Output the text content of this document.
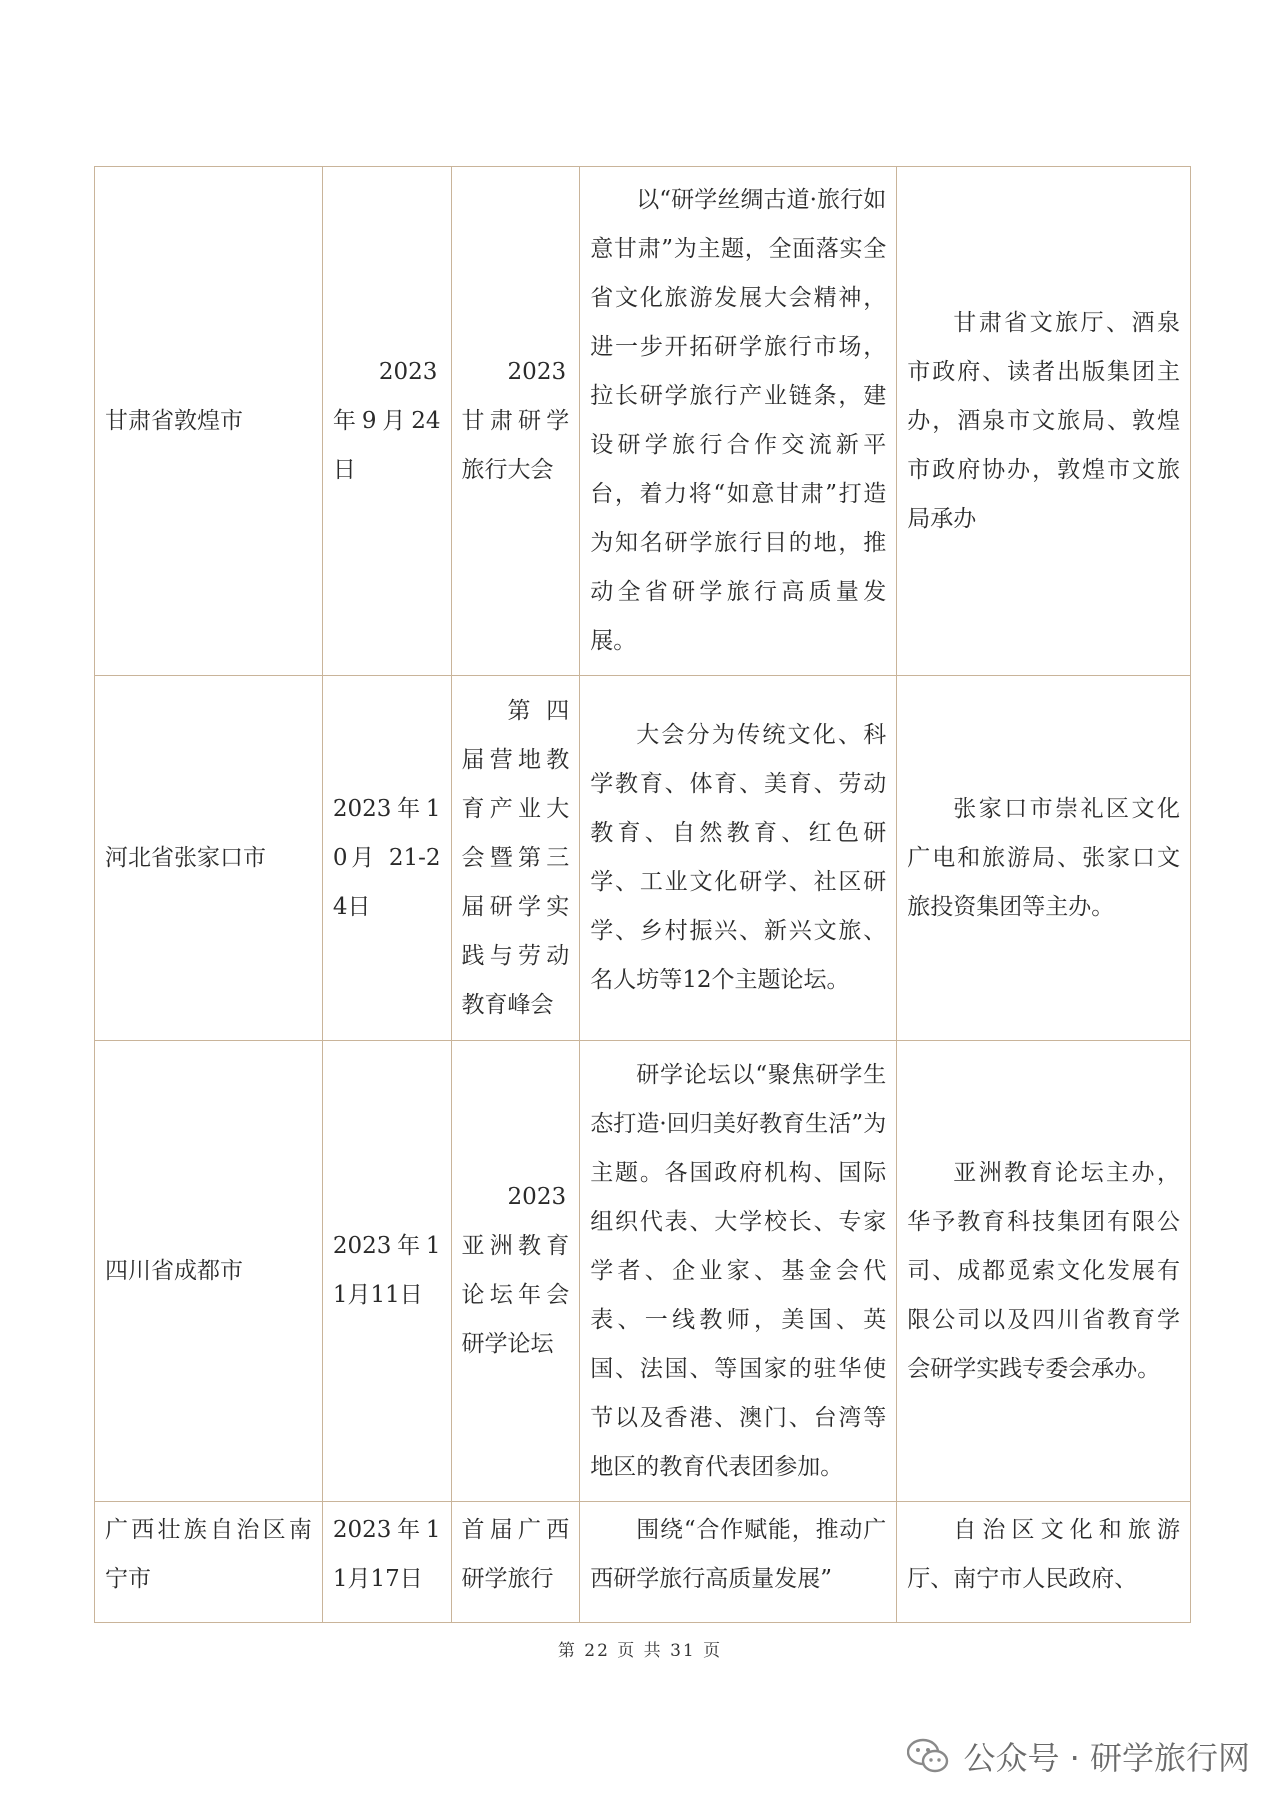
甘肃省敦煌市	2023年9月24日	2023甘肃研学旅行大会	以“研学丝绸古道·旅行如意甘肃”为主题，全面落实全省文化旅游发展大会精神，进一步开拓研学旅行市场，拉长研学旅行产业链条，建设研学旅行合作交流新平台，着力将“如意甘肃”打造为知名研学旅行目的地，推动全省研学旅行高质量发展。	甘肃省文旅厅、酒泉市政府、读者出版集团主办，酒泉市文旅局、敦煌市政府协办，敦煌市文旅局承办

河北省张家口市	2023年10月 21-24日	第四届营地教育产业大会暨第三届研学实践与劳动教育峰会	大会分为传统文化、科学教育、体育、美育、劳动教育、自然教育、红色研学、工业文化研学、社区研学、乡村振兴、新兴文旅、名人坊等12个主题论坛。	张家口市崇礼区文化广电和旅游局、张家口文旅投资集团等主办。

四川省成都市	2023年11月11日	2023亚洲教育论坛年会研学论坛	研学论坛以“聚焦研学生态打造·回归美好教育生活”为主题。各国政府机构、国际组织代表、大学校长、专家学者、企业家、基金会代表、一线教师，美国、英国、法国、等国家的驻华使节以及香港、澳门、台湾等地区的教育代表团参加。	亚洲教育论坛主办，华予教育科技集团有限公司、成都觅索文化发展有限公司以及四川省教育学会研学实践专委会承办。

广西壮族自治区南宁市	2023年11月17日	首届广西研学旅行	围绕“合作赋能，推动广西研学旅行高质量发展”	自治区文化和旅游厅、南宁市人民政府、
第 22 页 共 31 页
公众号 · 研学旅行网
